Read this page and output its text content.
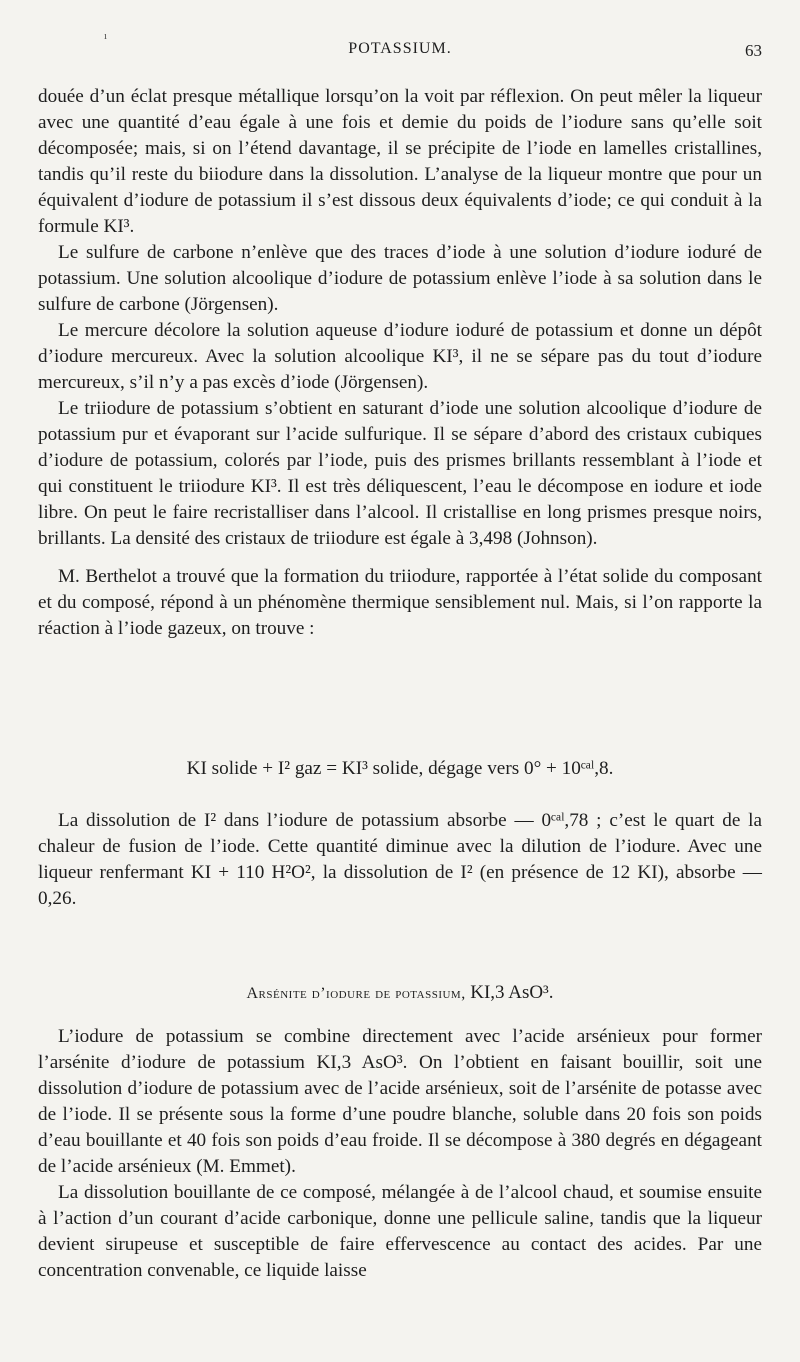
ı
POTASSIUM.	63

douée d’un éclat presque métallique lorsqu’on la voit par réflexion. On peut mêler la liqueur avec une quantité d’eau égale à une fois et demie du poids de l’iodure sans qu’elle soit décomposée; mais, si on l’étend davantage, il se précipite de l’iode en lamelles cristallines, tandis qu’il reste du biiodure dans la dissolution. L’analyse de la liqueur montre que pour un équivalent d’iodure de potassium il s’est dissous deux équivalents d’iode; ce qui conduit à la formule KI³.

Le sulfure de carbone n’enlève que des traces d’iode à une solution d’iodure ioduré de potassium. Une solution alcoolique d’iodure de potassium enlève l’iode à sa solution dans le sulfure de carbone (Jörgensen).

Le mercure décolore la solution aqueuse d’iodure ioduré de potassium et donne un dépôt d’iodure mercureux. Avec la solution alcoolique KI³, il ne se sépare pas du tout d’iodure mercureux, s’il n’y a pas excès d’iode (Jörgensen).

Le triiodure de potassium s’obtient en saturant d’iode une solution alcoolique d’iodure de potassium pur et évaporant sur l’acide sulfurique. Il se sépare d’abord des cristaux cubiques d’iodure de potassium, colorés par l’iode, puis des prismes brillants ressemblant à l’iode et qui constituent le triiodure KI³. Il est très déliquescent, l’eau le décompose en iodure et iode libre. On peut le faire recristalliser dans l’alcool. Il cristallise en long prismes presque noirs, brillants. La densité des cristaux de triiodure est égale à 3,498 (Johnson).

M. Berthelot a trouvé que la formation du triiodure, rapportée à l’état solide du composant et du composé, répond à un phénomène thermique sensiblement nul. Mais, si l’on rapporte la réaction à l’iode gazeux, on trouve :

KI solide + I² gaz = KI³ solide, dégage vers 0° + 10ᶜᵃˡ,8.

La dissolution de I² dans l’iodure de potassium absorbe — 0ᶜᵃˡ,78 ; c’est le quart de la chaleur de fusion de l’iode. Cette quantité diminue avec la dilution de l’iodure. Avec une liqueur renfermant KI + 110 H²O², la dissolution de I² (en présence de 12 KI), absorbe — 0,26.

Arsénite d’iodure de potassium, KI,3 AsO³.

L’iodure de potassium se combine directement avec l’acide arsénieux pour former l’arsénite d’iodure de potassium KI,3 AsO³. On l’obtient en faisant bouillir, soit une dissolution d’iodure de potassium avec de l’acide arsénieux, soit de l’arsénite de potasse avec de l’iode. Il se présente sous la forme d’une poudre blanche, soluble dans 20 fois son poids d’eau bouillante et 40 fois son poids d’eau froide. Il se décompose à 380 degrés en dégageant de l’acide arsénieux (M. Emmet).

La dissolution bouillante de ce composé, mélangée à de l’alcool chaud, et soumise ensuite à l’action d’un courant d’acide carbonique, donne une pellicule saline, tandis que la liqueur devient sirupeuse et susceptible de faire effervescence au contact des acides. Par une concentration convenable, ce liquide laisse
